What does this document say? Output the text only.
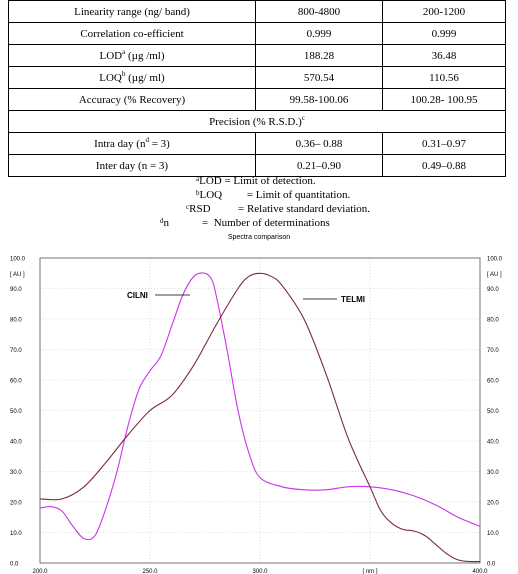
Linearity range (ng/ band)	800-4800	200-1200
Correlation co-efficient	0.999	0.999
LOD$^a$ (µg /ml)	188.28	36.48
LOQ$^b$ (µg/ ml)	570.54	110.56
Accuracy (% Recovery)	99.58-100.06	100.28- 100.95
Precision (% R.S.D.)$^c$
Intra day $(n^d = 3)$	0.36– 0.88	0.31–0.97
Inter day (n = 3)	0.21–0.90	0.49–0.88
$^a$LOD = Limit of detection.
$^b$LOQ         = Limit of quantitation.
$^c$RSD          = Relative standard deviation.
$^d$n            =  Number of determinations
Spectra comparison
0.0
10.0
20.0
30.0
40.0
50.0
60.0
70.0
80.0
90.0
[ AU ]
100.0
0.0
10.0
20.0
30.0
40.0
50.0
60.0
70.0
80.0
90.0
[ AU ]
100.0
200.0	250.0	300.0	[ nm ]	400.0
CILNI	TELMI
